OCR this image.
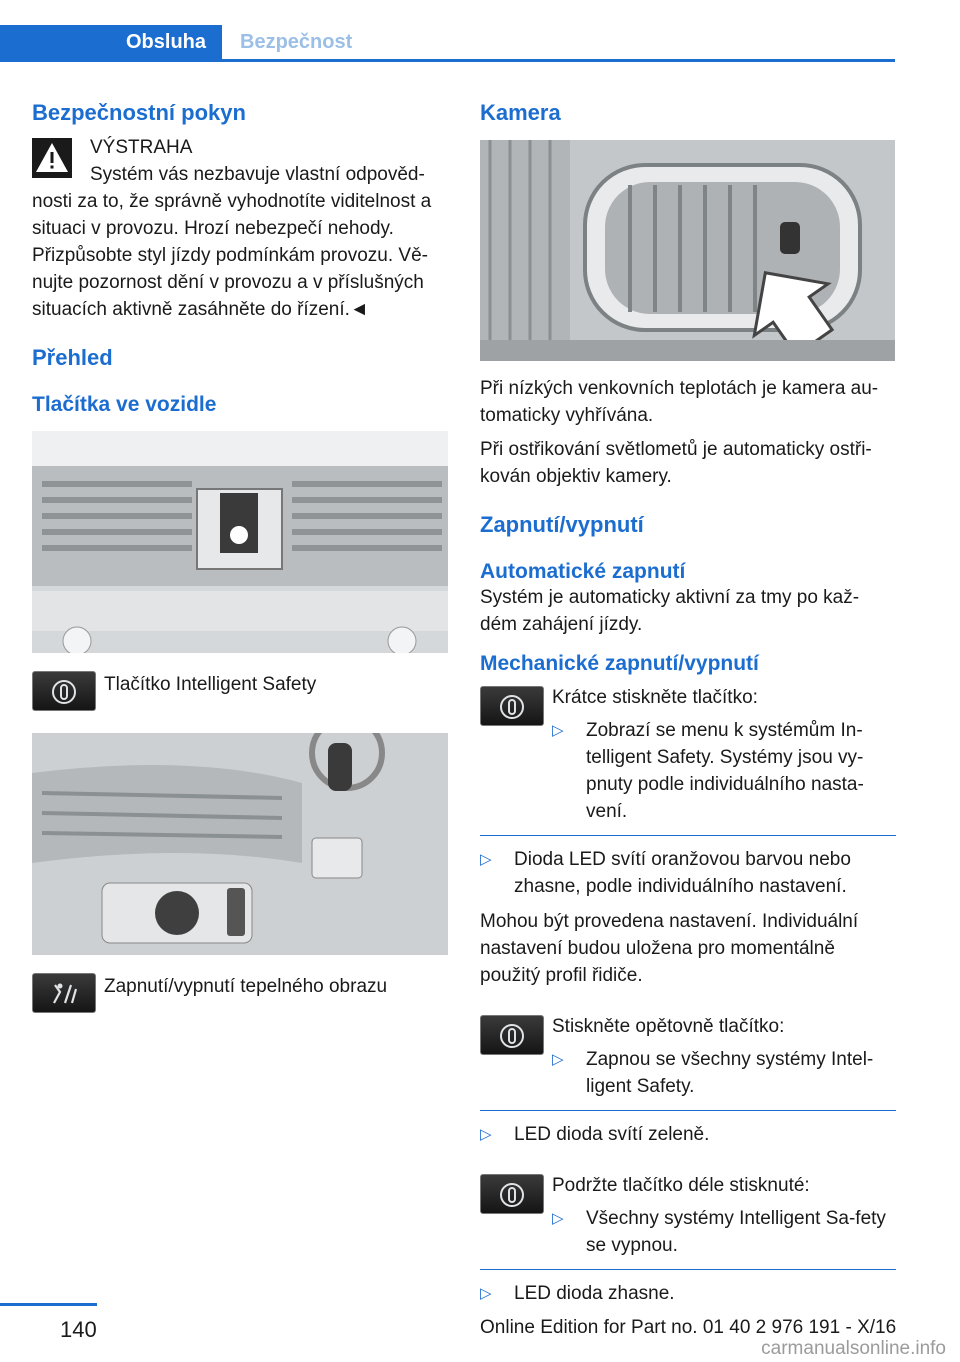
Obsluha	Bezpečnost
Bezpečnostní pokyn

VÝSTRAHA

Systém vás nezbavuje vlastní odpověd-nosti za to, že správně vyhodnotíte viditelnost a situaci v provozu. Hrozí nebezpečí nehody. Přizpůsobte styl jízdy podmínkám provozu. Vě-nujte pozornost dění v provozu a v příslušných situacích aktivně zasáhněte do řízení.◄

Přehled
Tlačítka ve vozidle

Tlačítko Intelligent Safety

Zapnutí/vypnutí tepelného obrazu

Kamera

Při nízkých venkovních teplotách je kamera au-tomaticky vyhřívána.

Při ostřikování světlometů je automaticky ostři-kován objektiv kamery.

Zapnutí/vypnutí
Automatické zapnutí

Systém je automaticky aktivní za tmy po kaž-dém zahájení jízdy.

Mechanické zapnutí/vypnutí

Krátce stiskněte tlačítko:

▷ Zobrazí se menu k systémům In-telligent Safety. Systémy jsou vy-pnuty podle individuálního nasta-vení.
▷ Dioda LED svítí oranžovou barvou nebo zhasne, podle individuálního nastavení.

Mohou být provedena nastavení. Individuální nastavení budou uložena pro momentálně použitý profil řidiče.

Stiskněte opětovně tlačítko:

▷ Zapnou se všechny systémy Intel-ligent Safety.
▷ LED dioda svítí zeleně.

Podržte tlačítko déle stisknuté:

▷ Všechny systémy Intelligent Sa-fety se vypnou.
▷ LED dioda zhasne.
140	Online Edition for Part no. 01 40 2 976 191 - X/16
carmanualsonline.info
